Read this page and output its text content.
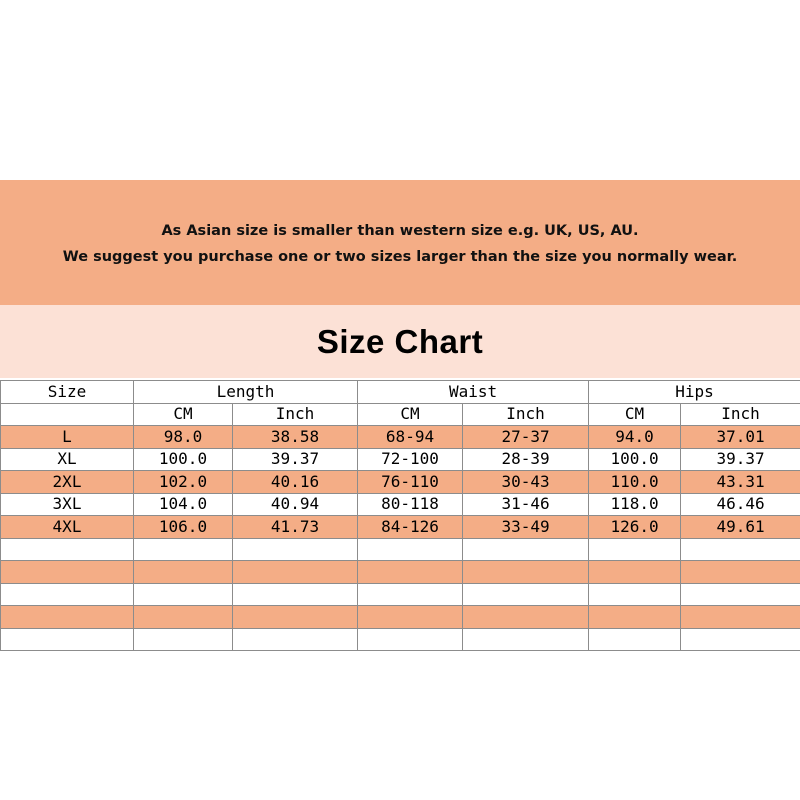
As Asian size is smaller than western size e.g. UK, US, AU.
We suggest you purchase one or two sizes larger than the size you normally wear.
Size Chart
Size	Length		Waist		Hips	
	CM	Inch	CM	Inch	CM	Inch
L	98.0	38.58	68-94	27-37	94.0	37.01
XL	100.0	39.37	72-100	28-39	100.0	39.37
2XL	102.0	40.16	76-110	30-43	110.0	43.31
3XL	104.0	40.94	80-118	31-46	118.0	46.46
4XL	106.0	41.73	84-126	33-49	126.0	49.61
